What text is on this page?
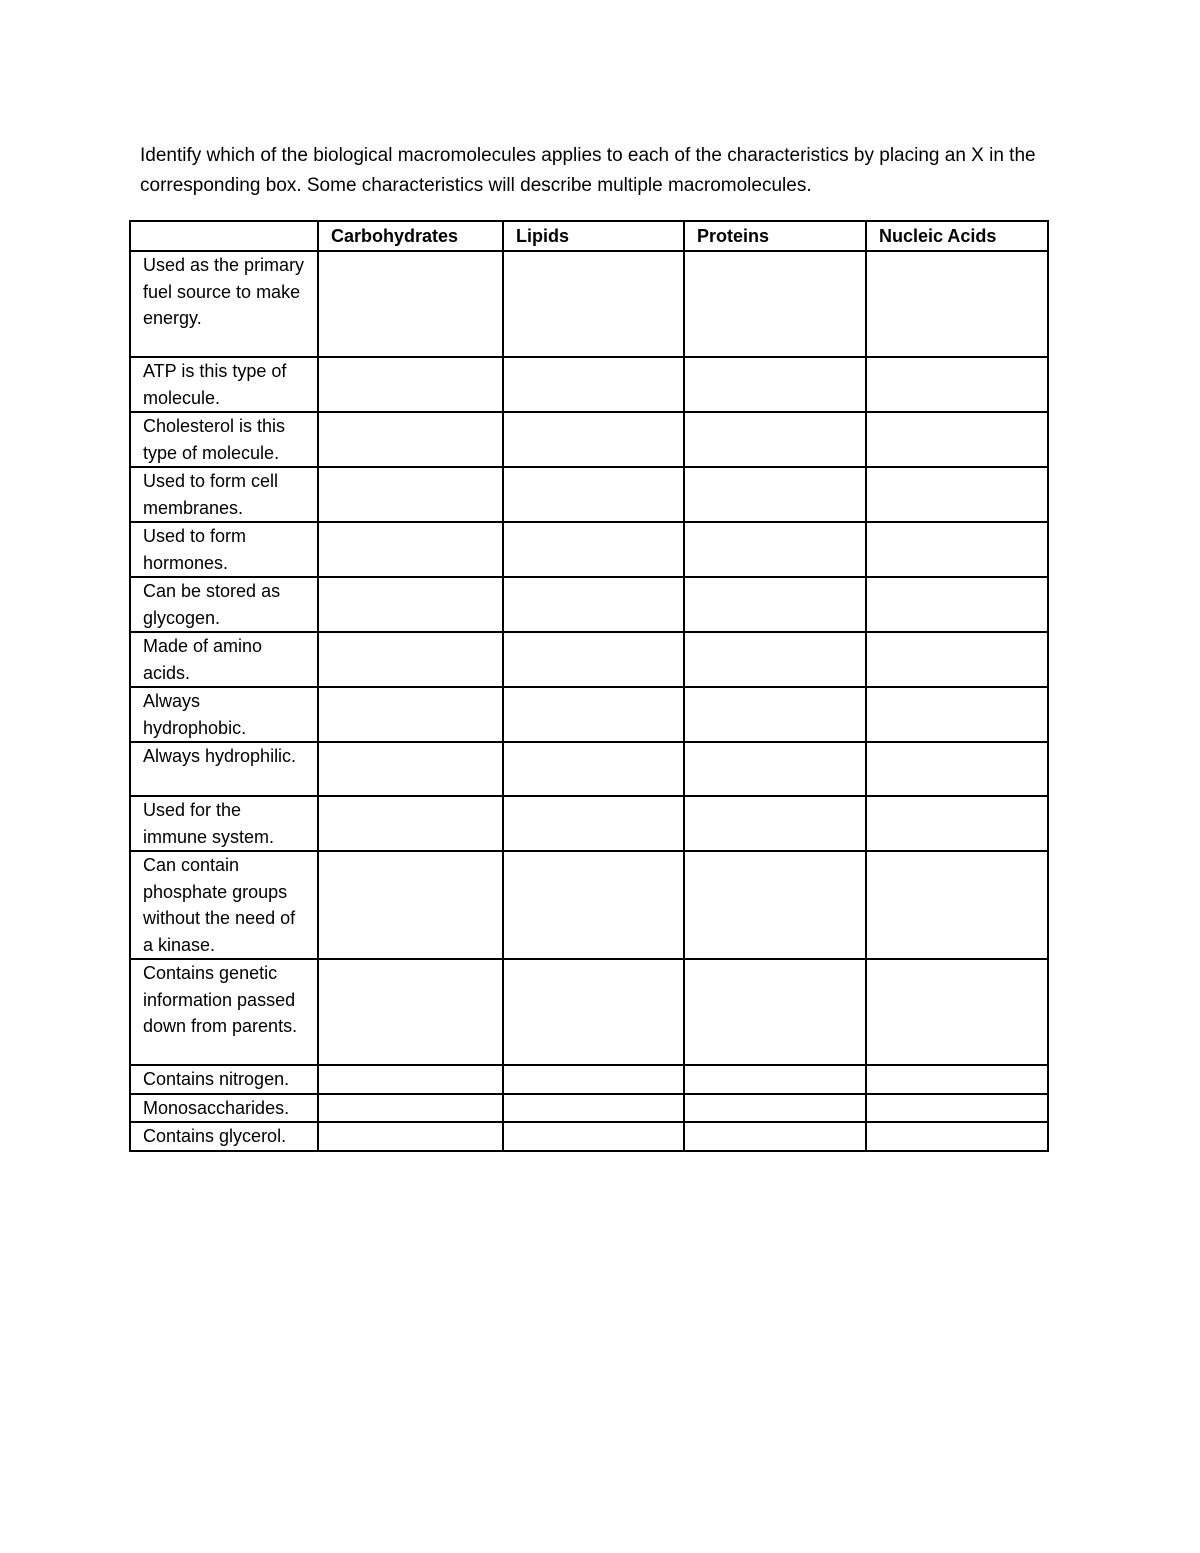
Identify which of the biological macromolecules applies to each of the characteristics by placing an X in the corresponding box. Some characteristics will describe multiple macromolecules.

	Carbohydrates	Lipids	Proteins	Nucleic Acids
Used as the primary fuel source to make energy.				
ATP is this type of molecule.				
Cholesterol is this type of molecule.				
Used to form cell membranes.				
Used to form hormones.				
Can be stored as glycogen.				
Made of amino acids.				
Always hydrophobic.				
Always hydrophilic.				
Used for the immune system.				
Can contain phosphate groups without the need of a kinase.				
Contains genetic information passed down from parents.				
Contains nitrogen.				
Monosaccharides.				
Contains glycerol.				
